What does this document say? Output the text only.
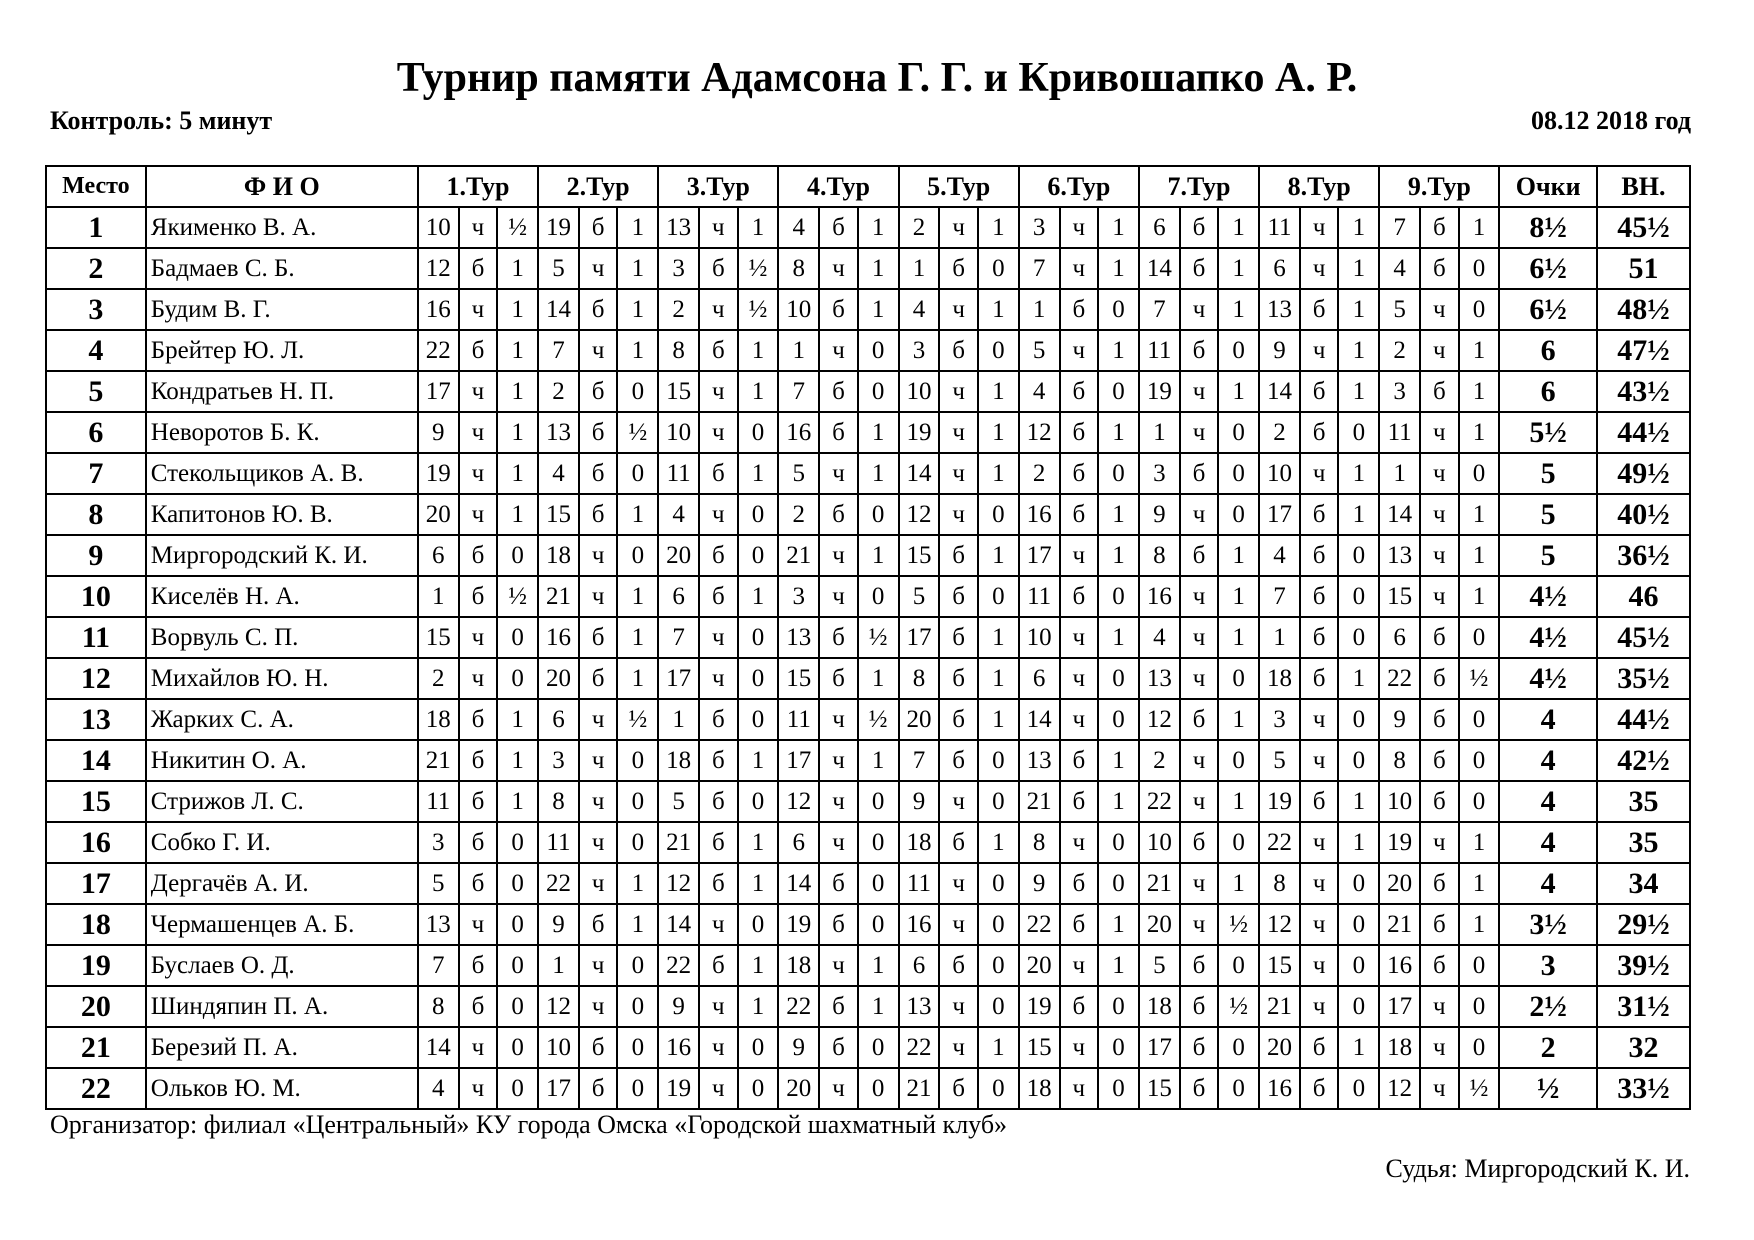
Турнир памяти Адамсона Г. Г. и Кривошапко А. Р.
Контроль: 5 минут	08.12 2018 год
Место	Ф И О	1.Тур			2.Тур			3.Тур			4.Тур			5.Тур			6.Тур			7.Тур			8.Тур			9.Тур			Очки	ВН.
1	Якименко В. А.	10	ч	½	19	б	1	13	ч	1	4	б	1	2	ч	1	3	ч	1	6	б	1	11	ч	1	7	б	1	8½	45½
2	Бадмаев С. Б.	12	б	1	5	ч	1	3	б	½	8	ч	1	1	б	0	7	ч	1	14	б	1	6	ч	1	4	б	0	6½	51
3	Будим В. Г.	16	ч	1	14	б	1	2	ч	½	10	б	1	4	ч	1	1	б	0	7	ч	1	13	б	1	5	ч	0	6½	48½
4	Брейтер Ю. Л.	22	б	1	7	ч	1	8	б	1	1	ч	0	3	б	0	5	ч	1	11	б	0	9	ч	1	2	ч	1	6	47½
5	Кондратьев Н. П.	17	ч	1	2	б	0	15	ч	1	7	б	0	10	ч	1	4	б	0	19	ч	1	14	б	1	3	б	1	6	43½
6	Неворотов Б. К.	9	ч	1	13	б	½	10	ч	0	16	б	1	19	ч	1	12	б	1	1	ч	0	2	б	0	11	ч	1	5½	44½
7	Стекольщиков А. В.	19	ч	1	4	б	0	11	б	1	5	ч	1	14	ч	1	2	б	0	3	б	0	10	ч	1	1	ч	0	5	49½
8	Капитонов Ю. В.	20	ч	1	15	б	1	4	ч	0	2	б	0	12	ч	0	16	б	1	9	ч	0	17	б	1	14	ч	1	5	40½
9	Миргородский К. И.	6	б	0	18	ч	0	20	б	0	21	ч	1	15	б	1	17	ч	1	8	б	1	4	б	0	13	ч	1	5	36½
10	Киселёв Н. А.	1	б	½	21	ч	1	6	б	1	3	ч	0	5	б	0	11	б	0	16	ч	1	7	б	0	15	ч	1	4½	46
11	Ворвуль С. П.	15	ч	0	16	б	1	7	ч	0	13	б	½	17	б	1	10	ч	1	4	ч	1	1	б	0	6	б	0	4½	45½
12	Михайлов Ю. Н.	2	ч	0	20	б	1	17	ч	0	15	б	1	8	б	1	6	ч	0	13	ч	0	18	б	1	22	б	½	4½	35½
13	Жарких С. А.	18	б	1	6	ч	½	1	б	0	11	ч	½	20	б	1	14	ч	0	12	б	1	3	ч	0	9	б	0	4	44½
14	Никитин О. А.	21	б	1	3	ч	0	18	б	1	17	ч	1	7	б	0	13	б	1	2	ч	0	5	ч	0	8	б	0	4	42½
15	Стрижов Л. С.	11	б	1	8	ч	0	5	б	0	12	ч	0	9	ч	0	21	б	1	22	ч	1	19	б	1	10	б	0	4	35
16	Собко Г. И.	3	б	0	11	ч	0	21	б	1	6	ч	0	18	б	1	8	ч	0	10	б	0	22	ч	1	19	ч	1	4	35
17	Дергачёв А. И.	5	б	0	22	ч	1	12	б	1	14	б	0	11	ч	0	9	б	0	21	ч	1	8	ч	0	20	б	1	4	34
18	Чермашенцев А. Б.	13	ч	0	9	б	1	14	ч	0	19	б	0	16	ч	0	22	б	1	20	ч	½	12	ч	0	21	б	1	3½	29½
19	Буслаев О. Д.	7	б	0	1	ч	0	22	б	1	18	ч	1	6	б	0	20	ч	1	5	б	0	15	ч	0	16	б	0	3	39½
20	Шиндяпин П. А.	8	б	0	12	ч	0	9	ч	1	22	б	1	13	ч	0	19	б	0	18	б	½	21	ч	0	17	ч	0	2½	31½
21	Березий П. А.	14	ч	0	10	б	0	16	ч	0	9	б	0	22	ч	1	15	ч	0	17	б	0	20	б	1	18	ч	0	2	32
22	Ольков Ю. М.	4	ч	0	17	б	0	19	ч	0	20	ч	0	21	б	0	18	ч	0	15	б	0	16	б	0	12	ч	½	½	33½
Организатор: филиал «Центральный» КУ города Омска «Городской шахматный клуб»
Судья: Миргородский К. И.
